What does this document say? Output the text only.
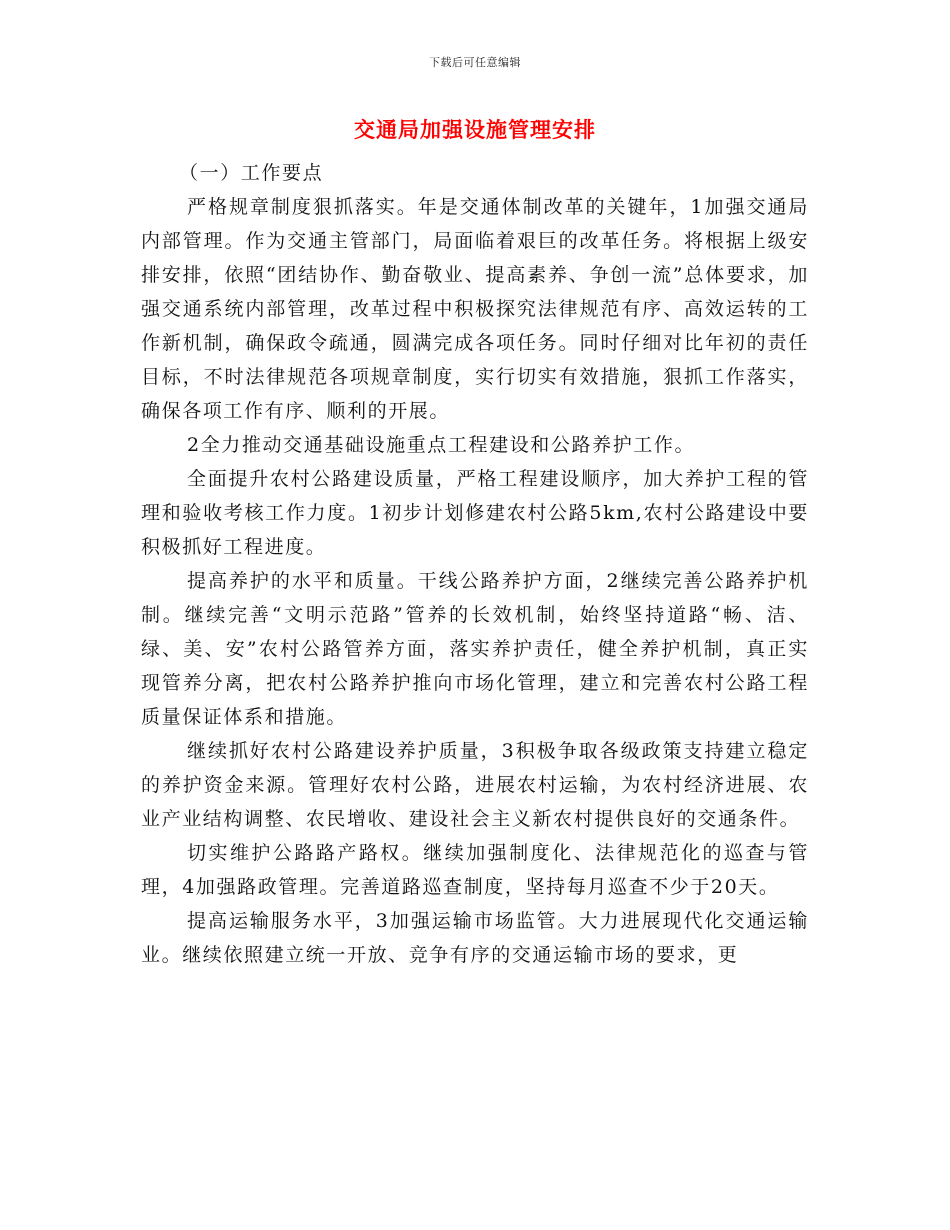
下载后可任意编辑
交通局加强设施管理安排

（一）工作要点

严格规章制度狠抓落实。年是交通体制改革的关键年，1加强交通局内部管理。作为交通主管部门，局面临着艰巨的改革任务。将根据上级安排安排，依照“团结协作、勤奋敬业、提高素养、争创一流”总体要求，加强交通系统内部管理，改革过程中积极探究法律规范有序、高效运转的工作新机制，确保政令疏通，圆满完成各项任务。同时仔细对比年初的责任目标，不时法律规范各项规章制度，实行切实有效措施，狠抓工作落实，确保各项工作有序、顺利的开展。

2全力推动交通基础设施重点工程建设和公路养护工作。

全面提升农村公路建设质量，严格工程建设顺序，加大养护工程的管理和验收考核工作力度。1初步计划修建农村公路5km,农村公路建设中要积极抓好工程进度。

提高养护的水平和质量。干线公路养护方面，2继续完善公路养护机制。继续完善“文明示范路”管养的长效机制，始终坚持道路“畅、洁、绿、美、安”农村公路管养方面，落实养护责任，健全养护机制，真正实现管养分离，把农村公路养护推向市场化管理，建立和完善农村公路工程质量保证体系和措施。

继续抓好农村公路建设养护质量，3积极争取各级政策支持建立稳定的养护资金来源。管理好农村公路，进展农村运输，为农村经济进展、农业产业结构调整、农民增收、建设社会主义新农村提供良好的交通条件。

切实维护公路路产路权。继续加强制度化、法律规范化的巡查与管理，4加强路政管理。完善道路巡查制度，坚持每月巡查不少于20天。

提高运输服务水平，3加强运输市场监管。大力进展现代化交通运输业。继续依照建立统一开放、竞争有序的交通运输市场的要求，更
